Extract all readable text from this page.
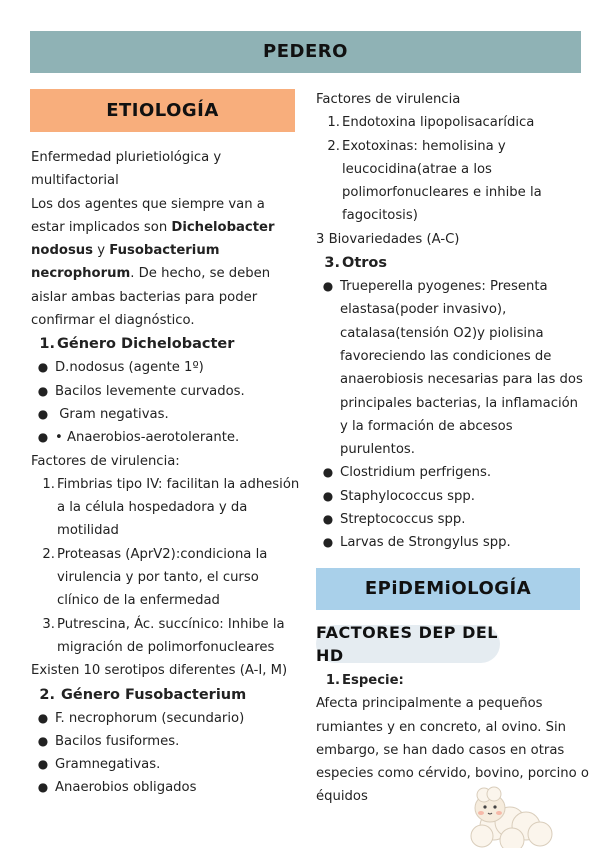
PEDERO
ETIOLOGÍA

Enfermedad plurietiológica y multifactorial

Los dos agentes que siempre van a estar implicados son Dichelobacter nodosus y Fusobacterium necrophorum. De hecho, se deben aislar ambas bacterias para poder confirmar el diagnóstico.

1. Género Dichelobacter
● D.nodosus (agente 1º)
● Bacilos levemente curvados.
● Gram negativas.
● • Anaerobios-aerotolerante.

Factores de virulencia:

1. Fimbrias tipo IV: facilitan la adhesión a la célula hospedadora y da motilidad
2. Proteasas (AprV2):condiciona la virulencia y por tanto, el curso clínico de la enfermedad
3. Putrescina, Ác. succínico: Inhibe la migración de polimorfonucleares

Existen 10 serotipos diferentes (A-I, M)

2. Género Fusobacterium
● F. necrophorum (secundario)
● Bacilos fusiformes.
● Gramnegativas.
● Anaerobios obligados

Factores de virulencia

1. Endotoxina lipopolisacarídica
2. Exotoxinas: hemolisina y leucocidina(atrae a los polimorfonucleares e inhibe la fagocitosis)

3 Biovariedades (A-C)

3. Otros
● Trueperella pyogenes: Presenta elastasa(poder invasivo), catalasa(tensión O2)y piolisina favoreciendo las condiciones de anaerobiosis necesarias para las dos principales bacterias, la inflamación y la formación de abcesos purulentos.
● Clostridium perfrigens.
● Staphylococcus spp.
● Streptococcus spp.
● Larvas de Strongylus spp.
EPiDEMiOLOGÍA
FACTORES DEP DEL HD
1. Especie:

Afecta principalmente a pequeños rumiantes y en concreto, al ovino. Sin embargo, se han dado casos en otras especies como cérvido, bovino, porcino o équidos
